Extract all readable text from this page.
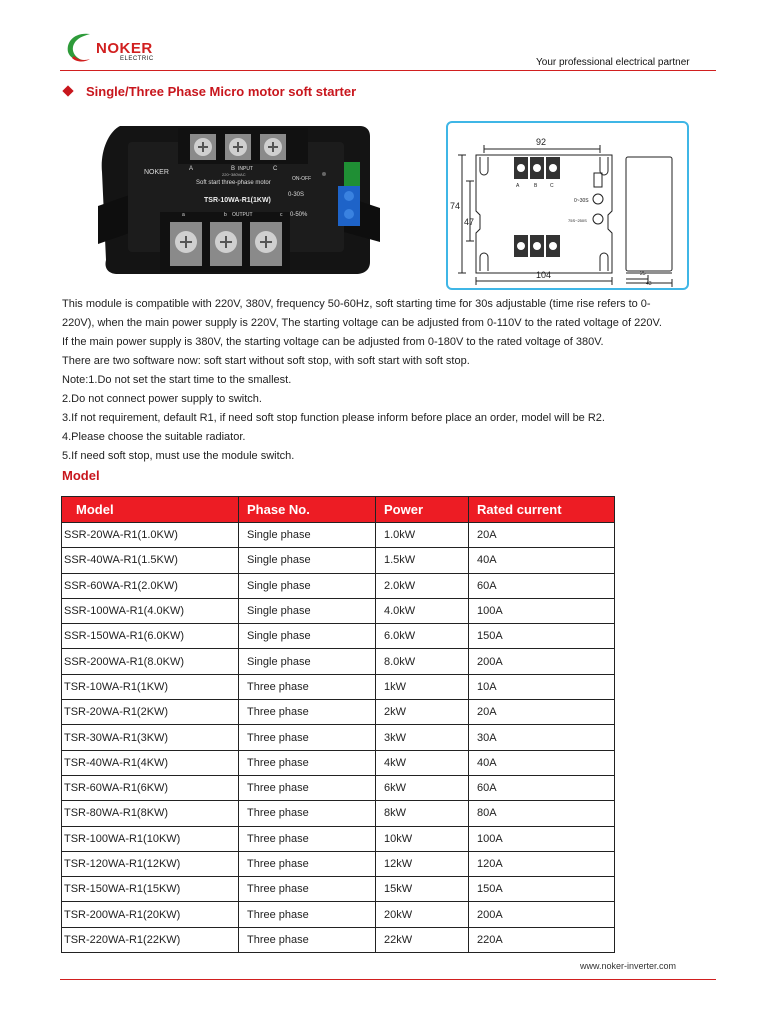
NOKER
ELECTRIC	Your professional electrical partner
Single/Three Phase Micro motor soft starter
A	B	C
INPUT
220~380VAC
NOKER
Soft start three-phase motor
TSR-10WA-R1(1KW)
ON-OFF
0-30S
0-50%
a	b OUTPUT	c
92
74
47
104	25
43
A	B	C
0~30S
75S~250S

This module is compatible with 220V, 380V, frequency 50-60Hz, soft starting time for 30s adjustable (time rise refers to 0-

220V), when the main power supply is 220V, The starting voltage can be adjusted from 0-110V to the rated voltage of 220V.

If the main power supply is 380V, the starting voltage can be adjusted from 0-180V to the rated voltage of 380V.

There are two software now: soft start without soft stop, with soft start with soft stop.

Note:1.Do not set the start time to the smallest.

2.Do not connect power supply to switch.

3.If not requirement, default R1, if need soft stop function please inform before place an order, model will be R2.

4.Please choose the suitable radiator.

5.If need soft stop, must use the module switch.

Model
Model	Phase No.	Power	Rated current
SSR-20WA-R1(1.0KW)	Single phase	1.0kW	20A
SSR-40WA-R1(1.5KW)	Single phase	1.5kW	40A
SSR-60WA-R1(2.0KW)	Single phase	2.0kW	60A
SSR-100WA-R1(4.0KW)	Single phase	4.0kW	100A
SSR-150WA-R1(6.0KW)	Single phase	6.0kW	150A
SSR-200WA-R1(8.0KW)	Single phase	8.0kW	200A
TSR-10WA-R1(1KW)	Three phase	1kW	10A
TSR-20WA-R1(2KW)	Three phase	2kW	20A
TSR-30WA-R1(3KW)	Three phase	3kW	30A
TSR-40WA-R1(4KW)	Three phase	4kW	40A
TSR-60WA-R1(6KW)	Three phase	6kW	60A
TSR-80WA-R1(8KW)	Three phase	8kW	80A
TSR-100WA-R1(10KW)	Three phase	10kW	100A
TSR-120WA-R1(12KW)	Three phase	12kW	120A
TSR-150WA-R1(15KW)	Three phase	15kW	150A
TSR-200WA-R1(20KW)	Three phase	20kW	200A
TSR-220WA-R1(22KW)	Three phase	22kW	220A
www.noker-inverter.com
